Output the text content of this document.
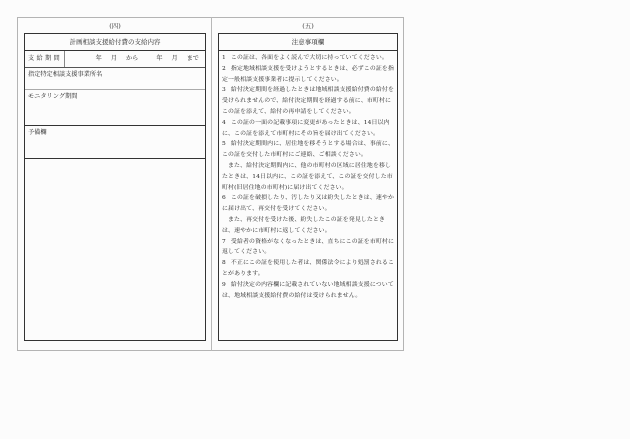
(四)
計画相談支援給付費の支給内容
支給期間	年 月 から	年 月 まで
指定特定相談支援事業所名
モニタリング期間
予備欄
(五)
注意事項欄

1 この証は、各面をよく読んで大切に持っていてください。

2 指定地域相談支援を受けようとするときは、必ずこの証を指定一般相談支援事業者に提示してください。

3 給付決定期間を経過したときは地域相談支援給付費の給付を受けられませんので、給付決定期間を経過する前に、市町村にこの証を添えて、給付の再申請をしてください。

4 この証の一面の記載事項に変更があったときは、14日以内に、この証を添えて市町村にその旨を届け出てください。

5 給付決定期間内に、居住地を移そうとする場合は、事前に、この証を交付した市町村にご連絡、ご相談ください。

また、給付決定期間内に、他の市町村の区域に居住地を移したときは、14日以内に、この証を添えて、この証を交付した市町村(旧居住地の市町村)に届け出てください。

6 この証を破損したり、汚したり又は紛失したときは、速やかに届け出て、再交付を受けてください。

また、再交付を受けた後、紛失したこの証を発見したときは、速やかに市町村に返してください。

7 受給者の資格がなくなったときは、直ちにこの証を市町村に返してください。

8 不正にこの証を使用した者は、関係法令により処罰されることがあります。

9 給付決定の内容欄に記載されていない地域相談支援については、地域相談支援給付費の給付は受けられません。
